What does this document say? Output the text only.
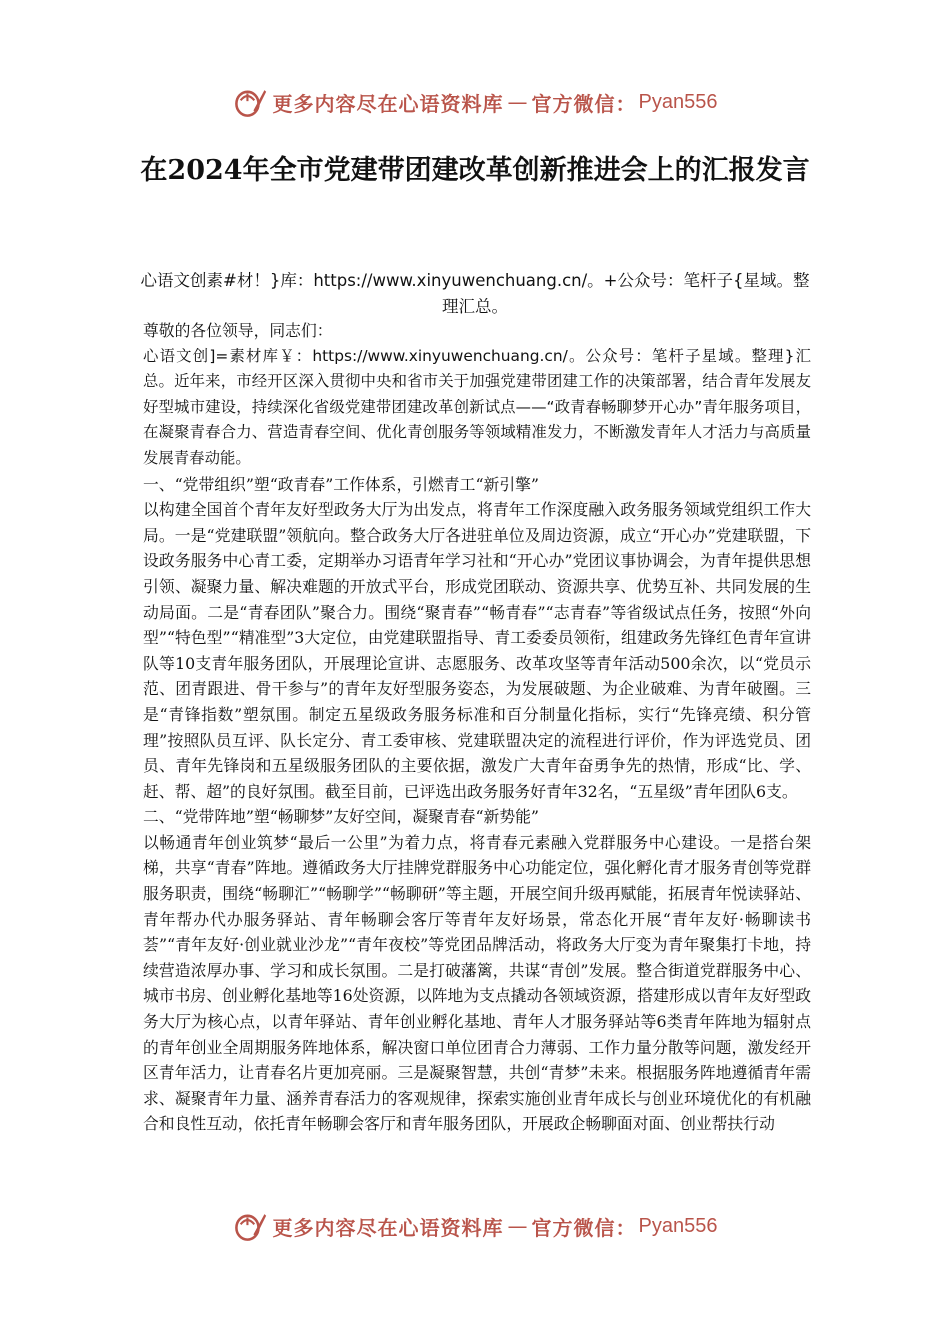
更多内容尽在心语资料库 — 官方微信： Pyan556
在2024年全市党建带团建改革创新推进会上的汇报发言

心语文创素#材！}库：https://www.xinyuwenchuang.cn/。+公众号：笔杆子{星域。整理汇总。

尊敬的各位领导，同志们：

心语文创]=素材库￥：https://www.xinyuwenchuang.cn/。公众号：笔杆子星域。整理}汇总。近年来，市经开区深入贯彻中央和省市关于加强党建带团建工作的决策部署，结合青年发展友好型城市建设，持续深化省级党建带团建改革创新试点——“政青春畅聊梦开心办”青年服务项目，在凝聚青春合力、营造青春空间、优化青创服务等领域精准发力，不断激发青年人才活力与高质量发展青春动能。

一、“党带组织”塑“政青春”工作体系，引燃青工“新引擎”

以构建全国首个青年友好型政务大厅为出发点，将青年工作深度融入政务服务领域党组织工作大局。一是“党建联盟”领航向。整合政务大厅各进驻单位及周边资源，成立“开心办”党建联盟，下设政务服务中心青工委，定期举办习语青年学习社和“开心办”党团议事协调会，为青年提供思想引领、凝聚力量、解决难题的开放式平台，形成党团联动、资源共享、优势互补、共同发展的生动局面。二是“青春团队”聚合力。围绕“聚青春”“畅青春”“志青春”等省级试点任务，按照“外向型”“特色型”“精准型”3大定位，由党建联盟指导、青工委委员领衔，组建政务先锋红色青年宣讲队等10支青年服务团队，开展理论宣讲、志愿服务、改革攻坚等青年活动500余次，以“党员示范、团青跟进、骨干参与”的青年友好型服务姿态，为发展破题、为企业破难、为青年破圈。三是“青锋指数”塑氛围。制定五星级政务服务标准和百分制量化指标，实行“先锋亮绩、积分管理”按照队员互评、队长定分、青工委审核、党建联盟决定的流程进行评价，作为评选党员、团员、青年先锋岗和五星级服务团队的主要依据，激发广大青年奋勇争先的热情，形成“比、学、赶、帮、超”的良好氛围。截至目前，已评选出政务服务好青年32名，“五星级”青年团队6支。

二、“党带阵地”塑“畅聊梦”友好空间，凝聚青春“新势能”

以畅通青年创业筑梦“最后一公里”为着力点，将青春元素融入党群服务中心建设。一是搭台架梯，共享“青春”阵地。遵循政务大厅挂牌党群服务中心功能定位，强化孵化青才服务青创等党群服务职责，围绕“畅聊汇”“畅聊学”“畅聊研”等主题，开展空间升级再赋能，拓展青年悦读驿站、青年帮办代办服务驿站、青年畅聊会客厅等青年友好场景，常态化开展“青年友好·畅聊读书荟”“青年友好·创业就业沙龙”“青年夜校”等党团品牌活动，将政务大厅变为青年聚集打卡地，持续营造浓厚办事、学习和成长氛围。二是打破藩篱，共谋“青创”发展。整合街道党群服务中心、城市书房、创业孵化基地等16处资源，以阵地为支点撬动各领域资源，搭建形成以青年友好型政务大厅为核心点，以青年驿站、青年创业孵化基地、青年人才服务驿站等6类青年阵地为辐射点的青年创业全周期服务阵地体系，解决窗口单位团青合力薄弱、工作力量分散等问题，激发经开区青年活力，让青春名片更加亮丽。三是凝聚智慧，共创“青梦”未来。根据服务阵地遵循青年需求、凝聚青年力量、涵养青春活力的客观规律，探索实施创业青年成长与创业环境优化的有机融合和良性互动，依托青年畅聊会客厅和青年服务团队，开展政企畅聊面对面、创业帮扶行动

更多内容尽在心语资料库 — 官方微信： Pyan556
